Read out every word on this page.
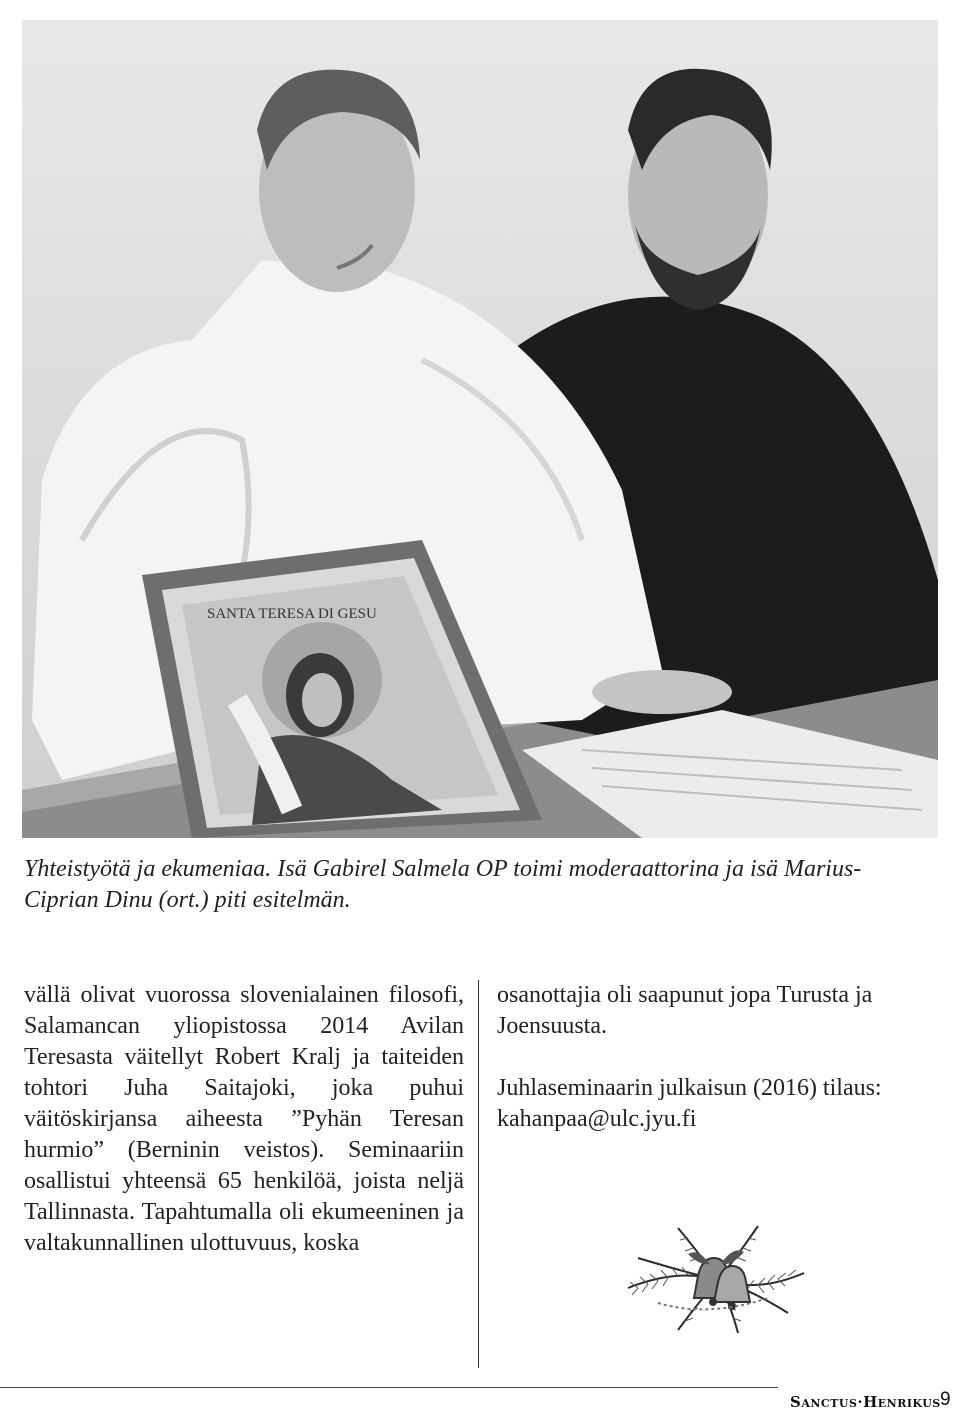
SANTA TERESA DI GESU
Yhteistyötä ja ekumeniaa. Isä Gabirel Salmela OP toimi moderaattorina ja isä Marius-Ciprian Dinu (ort.) piti esitelmän.

vällä olivat vuorossa slovenialainen filosofi, Salamancan yliopistossa 2014 Avilan Teresasta väitellyt Robert Kralj ja taiteiden tohtori Juha Saitajoki, joka puhui väitöskirjansa aiheesta ”Pyhän Teresan hurmio” (Berninin veistos). Seminaariin osallistui yhteensä 65 henkilöä, joista neljä Tallinnasta. Tapahtumalla oli ekumeeninen ja valtakunnallinen ulottuvuus, koska

osanottajia oli saapunut jopa Turusta ja Joensuusta.

Juhlaseminaarin julkaisun (2016) tilaus: kahanpaa@ulc.jyu.fi

Sanctus·Henrikus 9
